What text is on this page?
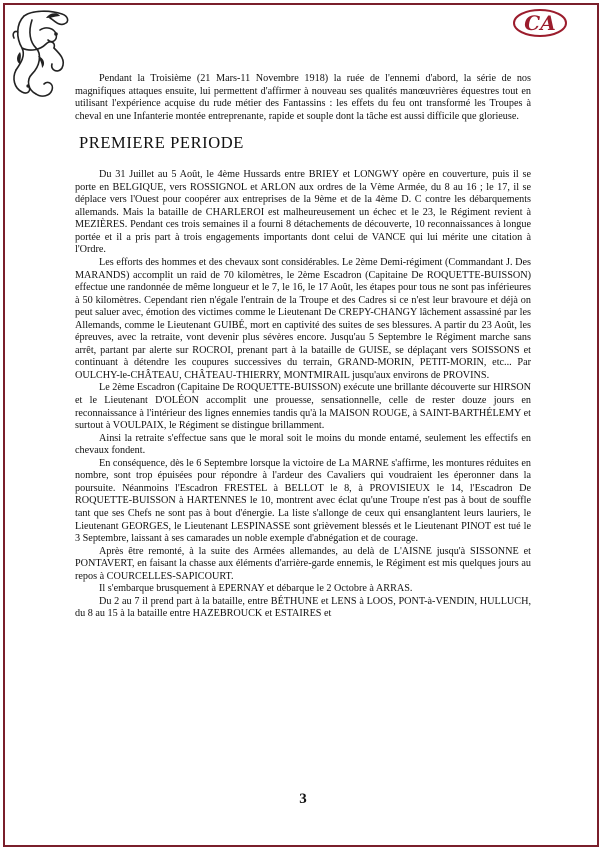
CA

Pendant la Troisième (21 Mars-11 Novembre 1918) la ruée de l'ennemi d'abord, la série de nos magnifiques attaques ensuite, lui permettent d'affirmer à nouveau ses qualités manœuvrières équestres tout en utilisant l'expérience acquise du rude métier des Fantassins : les effets du feu ont transformé les Troupes à cheval en une Infanterie montée entreprenante, rapide et souple dont la tâche est aussi difficile que glorieuse.

PREMIERE PERIODE

Du 31 Juillet au 5 Août, le 4ème Hussards entre BRIEY et LONGWY opère en couverture, puis il se porte en BELGIQUE, vers ROSSIGNOL et ARLON aux ordres de la Vème Armée, du 8 au 16 ; le 17, il se déplace vers l'Ouest pour coopérer aux entreprises de la 9ème et de la 4ème D. C contre les débarquements allemands. Mais la bataille de CHARLEROI est malheureusement un échec et le 23, le Régiment revient à MEZIÈRES. Pendant ces trois semaines il a fourni 8 détachements de découverte, 10 reconnaissances à longue portée et il a pris part à trois engagements importants dont celui de VANCE qui lui mérite une citation à l'Ordre.

Les efforts des hommes et des chevaux sont considérables. Le 2ème Demi-régiment (Commandant J. Des MARANDS) accomplit un raid de 70 kilomètres, le 2ème Escadron (Capitaine De ROQUETTE-BUISSON) effectue une randonnée de même longueur et le 7, le 16, le 17 Août, les étapes pour tous ne sont pas inférieures à 50 kilomètres. Cependant rien n'égale l'entrain de la Troupe et des Cadres si ce n'est leur bravoure et déjà on peut saluer avec, émotion des victimes comme le Lieutenant De CREPY-CHANGY lâchement assassiné par les Allemands, comme le Lieutenant GUIBÉ, mort en captivité des suites de ses blessures. A partir du 23 Août, les épreuves, avec la retraite, vont devenir plus sévères encore. Jusqu'au 5 Septembre le Régiment marche sans arrêt, partant par alerte sur ROCROI, prenant part à la bataille de GUISE, se déplaçant vers SOISSONS et continuant à détendre les coupures successives du terrain, GRAND-MORIN, PETIT-MORIN, etc... Par OULCHY-le-CHÂTEAU, CHÂTEAU-THIERRY, MONTMIRAIL jusqu'aux environs de PROVINS.

Le 2ème Escadron (Capitaine De ROQUETTE-BUISSON) exécute une brillante découverte sur HIRSON et le Lieutenant D'OLÉON accomplit une prouesse, sensationnelle, celle de rester douze jours en reconnaissance à l'intérieur des lignes ennemies tandis qu'à la MAISON ROUGE, à SAINT-BARTHÉLEMY et surtout à VOULPAIX, le Régiment se distingue brillamment.

Ainsi la retraite s'effectue sans que le moral soit le moins du monde entamé, seulement les effectifs en chevaux fondent.

En conséquence, dès le 6 Septembre lorsque la victoire de La MARNE s'affirme, les montures réduites en nombre, sont trop épuisées pour répondre à l'ardeur des Cavaliers qui voudraient les éperonner dans la poursuite. Néanmoins l'Escadron FRESTEL à BELLOT le 8, à PROVISIEUX le 14, l'Escadron De ROQUETTE-BUISSON à HARTENNES le 10, montrent avec éclat qu'une Troupe n'est pas à bout de souffle tant que ses Chefs ne sont pas à bout d'énergie. La liste s'allonge de ceux qui ensanglantent leurs lauriers, le Lieutenant GEORGES, le Lieutenant LESPINASSE sont grièvement blessés et le Lieutenant PINOT est tué le 3 Septembre, laissant à ses camarades un noble exemple d'abnégation et de courage.

Après être remonté, à la suite des Armées allemandes, au delà de L'AISNE jusqu'à SISSONNE et PONTAVERT, en faisant la chasse aux éléments d'arrière-garde ennemis, le Régiment est mis quelques jours au repos à COURCELLES-SAPICOURT.

Il s'embarque brusquement à EPERNAY et débarque le 2 Octobre à ARRAS.

Du 2 au 7 il prend part à la bataille, entre BÉTHUNE et LENS à LOOS, PONT-à-VENDIN, HULLUCH, du 8 au 15 à la bataille entre HAZEBROUCK et ESTAIRES et

3
